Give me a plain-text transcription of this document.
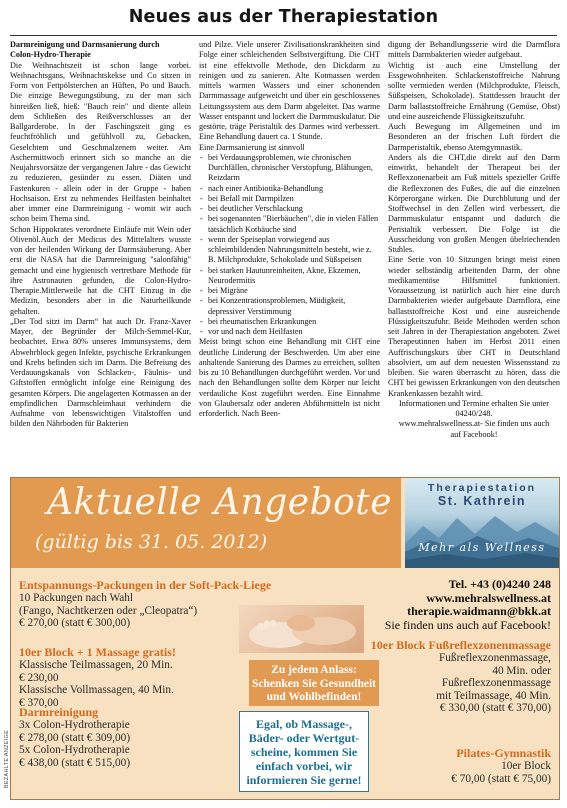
Neues aus der Therapiestation

Darmreinigung und Darmsanierung durch

Colon-Hydro-Therapie

Die Weihnachtszeit ist schon lange vorbei. Weihnachtsgans, Weihnachtskekse und Co sitzen in Form von Fettpölsterchen an Hüften, Po und Bauch. Die einzige Bewegungsübung, zu der man sich hinreißen ließ, hieß: "Bauch rein" und diente allein dem Schließen des Reißverschlusses an der Ballgarderobe. In der Faschingszeit ging es feuchtfröhlich und gefühlvoll zu, Gebacken, Geselchtem und Geschmalzenem weiter. Am Aschermittwoch erinnert sich so manche an die Neujahrsvorsätze der vergangenen Jahre - das Gewicht zu reduzieren, gesünder zu essen. Diäten und Fastenkuren - allein oder in der Gruppe - haben Hochsaison. Erst zu nehmendes Heilfasten beinhaltet aber immer eine Darmreinigung - womit wir auch schon beim Thema sind.

Schon Hippokrates verordnete Einläufe mit Wein oder Olivenöl.Auch der Medicus des Mittelalters wusste von der heilenden Wirkung der Darmsäuberung. Aber erst die NASA hat die Darmreinigung "salonfähig" gemacht und eine hygienisch vertretbare Methode für ihre Astronauten gefunden, die Colon-Hydro-Therapie.Mittlerweile hat die CHT Einzug in die Medizin, besonders aber in die Naturheilkunde gehalten.

„Der Tod sitzt im Darm“ hat auch Dr. Franz-Xaver Mayer, der Begründer der Milch-Semmel-Kur, beobachtet. Etwa 80% unseres Immunsystems, dem Abwehrblock gegen Infekte, psychische Erkrankungen und Krebs befinden sich im Darm. Die Befreiung des Verdauungskanals von Schlacken-, Fäulnis- und Giftstoffen ermöglicht infolge eine Reinigung des gesamten Körpers. Die angelagerten Kotmassen an der empfindlichen Darmschleimhaut verhindern die Aufnahme von lebenswichtigen Vitalstoffen und bilden den Nährboden für Bakterien

und Pilze. Viele unserer Zivilisationskrankheiten sind Folge einer schleichenden Selbstvergiftung. Die CHT ist eine effektvolle Methode, den Dickdarm zu reinigen und zu sanieren. Alte Kotmassen werden mittels warmen Wassers und einer schonenden Darmmassage aufgeweicht und über ein geschlossenes Leitungssystem aus dem Darm abgeleitet. Das warme Wasser entspannt und lockert die Darmmuskulatur. Die gestörte, träge Peristaltik des Darmes wird verbessert. Eine Behandlung dauert ca. 1 Stunde.

Eine Darmsanierung ist sinnvoll

- bei Verdauungsproblemen, wie chronischen Durchfällen, chronischer Verstopfung, Blähungen, Reizdarm
- nach einer Antibiotika-Behandlung
- bei Befall mit Darmpilzen
- bei deutlicher Verschlackung
- bei sogenannten "Bierbäuchen", die in vielen Fällen tatsächlich Kotbäuche sind
- wenn der Speiseplan vorwiegend aus schleimbildenden Nahrungsmitteln besteht, wie z. B. Milchprodukte, Schokolade und Süßspeisen
- bei starken Hautunreinheiten, Akne, Ekzemen, Neurodermitis
- bei Migräne
- bei Konzentrationsproblemen, Müdigkeit, depressiver Verstimmung
- bei rheumatischen Erkrankungen
- vor und nach dem Heilfasten

Meist bringt schon eine Behandlung mit CHT eine deutliche Linderung der Beschwerden. Um aber eine anhaltende Sanierung des Darmes zu erreichen, sollten bis zu 10 Behandlungen durchgeführt werden. Vor und nach den Behandlungen sollte dem Körper nur leicht verdauliche Kost zugeführt werden. Eine Einnahme von Glaubersalz oder anderen Abführmitteln ist nicht erforderlich. Nach Been-

digung der Behandlungsserie wird die Darmflora mittels Darmbakterien wieder aufgebaut.

Wichtig ist auch eine Umstellung der Essgewohnheiten. Schlackenstoffreiche Nahrung sollte vermieden werden (Milchprodukte, Fleisch, Süßspeisen, Schokolade). Stattdessen braucht der Darm ballaststoffreiche Ernährung (Gemüse, Obst) und eine ausreichende Flüssigkeitszufuhr.

Auch Bewegung im Allgemeinen und im Besonderen an der frischen Luft fördert die Darmperistaltik, ebenso Atemgymnastik.

Anders als die CHT,die direkt auf den Darm einwirkt, behandelt der Therapeut bei der Reflexzonenarbeit am Fuß mittels spezieller Griffe die Reflexzonen des Fußes, die auf die einzelnen Körperorgane wirken. Die Durchblutung und der Stoffwechsel in den Zellen wird verbessert, die Darmmuskulatur entspannt und dadurch die Peristaltik verbessert. Die Folge ist die Ausscheidung von großen Mengen übelriechenden Stuhles.

Eine Serie von 10 Sitzungen bringt meist einen wieder selbständig arbeitenden Darm, der ohne medikamentöse Hilfsmittel funktioniert. Voraussetzung ist natürlich auch hier eine durch Darmbakterien wieder aufgebaute Darmflora, eine ballaststoffreiche Kost und eine ausreichende Flüssigkeitszufuhr. Beide Methoden werden schon seit Jahren in der Therapiestation angeboten. Zwei Therapeutinnen haben im Herbst 2011 einen Auffrischungskurs über CHT in Deutschland absolviert, um auf dem neuesten Wissensstand zu bleiben. Sie waren überrascht zu hören, dass die CHT bei gewissen Erkrankungen von den deutschen Krankenkassen bezahlt wird.

Informationen und Termine erhalten Sie unter

04240/248.

www.mehralswellness.at- Sie finden uns auch

auf Facebook!

Aktuelle Angebote
(gültig bis 31. 05. 2012)
Therapiestation
St. Kathrein
Mehr als Wellness
Entspannungs-Packungen in der Soft-Pack-Liege
10 Packungen nach Wahl
(Fango, Nachtkerzen oder „Cleopatra“)
€ 270,00 (statt € 300,00)
10er Block + 1 Massage gratis!
Klassische Teilmassagen, 20 Min.
€ 230,00
Klassische Vollmassagen, 40 Min.
€ 370,00
Darmreinigung
3x Colon-Hydrotherapie
€ 278,00 (statt € 309,00)
5x Colon-Hydrotherapie
€ 438,00 (statt € 515,00)
Tel. +43 (0)4240 248
www.mehralswellness.at
therapie.waidmann@bkk.at
Sie finden uns auch auf Facebook!
10er Block Fußreflexzonenmassage
Fußreflexzonenmassage,
40 Min. oder
Fußreflexzonenmassage
mit Teilmassage, 40 Min.
€ 330,00 (statt € 370,00)
Pilates-Gymnastik
10er Block
€ 70,00 (statt € 75,00)
Zu jedem Anlass:
Schenken Sie Gesundheit
und Wohlbefinden!
Egal, ob Massage-,
Bäder- oder Wertgut-
scheine, kommen Sie
einfach vorbei, wir
informieren Sie gerne!
BEZAHLTE ANZEIGE
